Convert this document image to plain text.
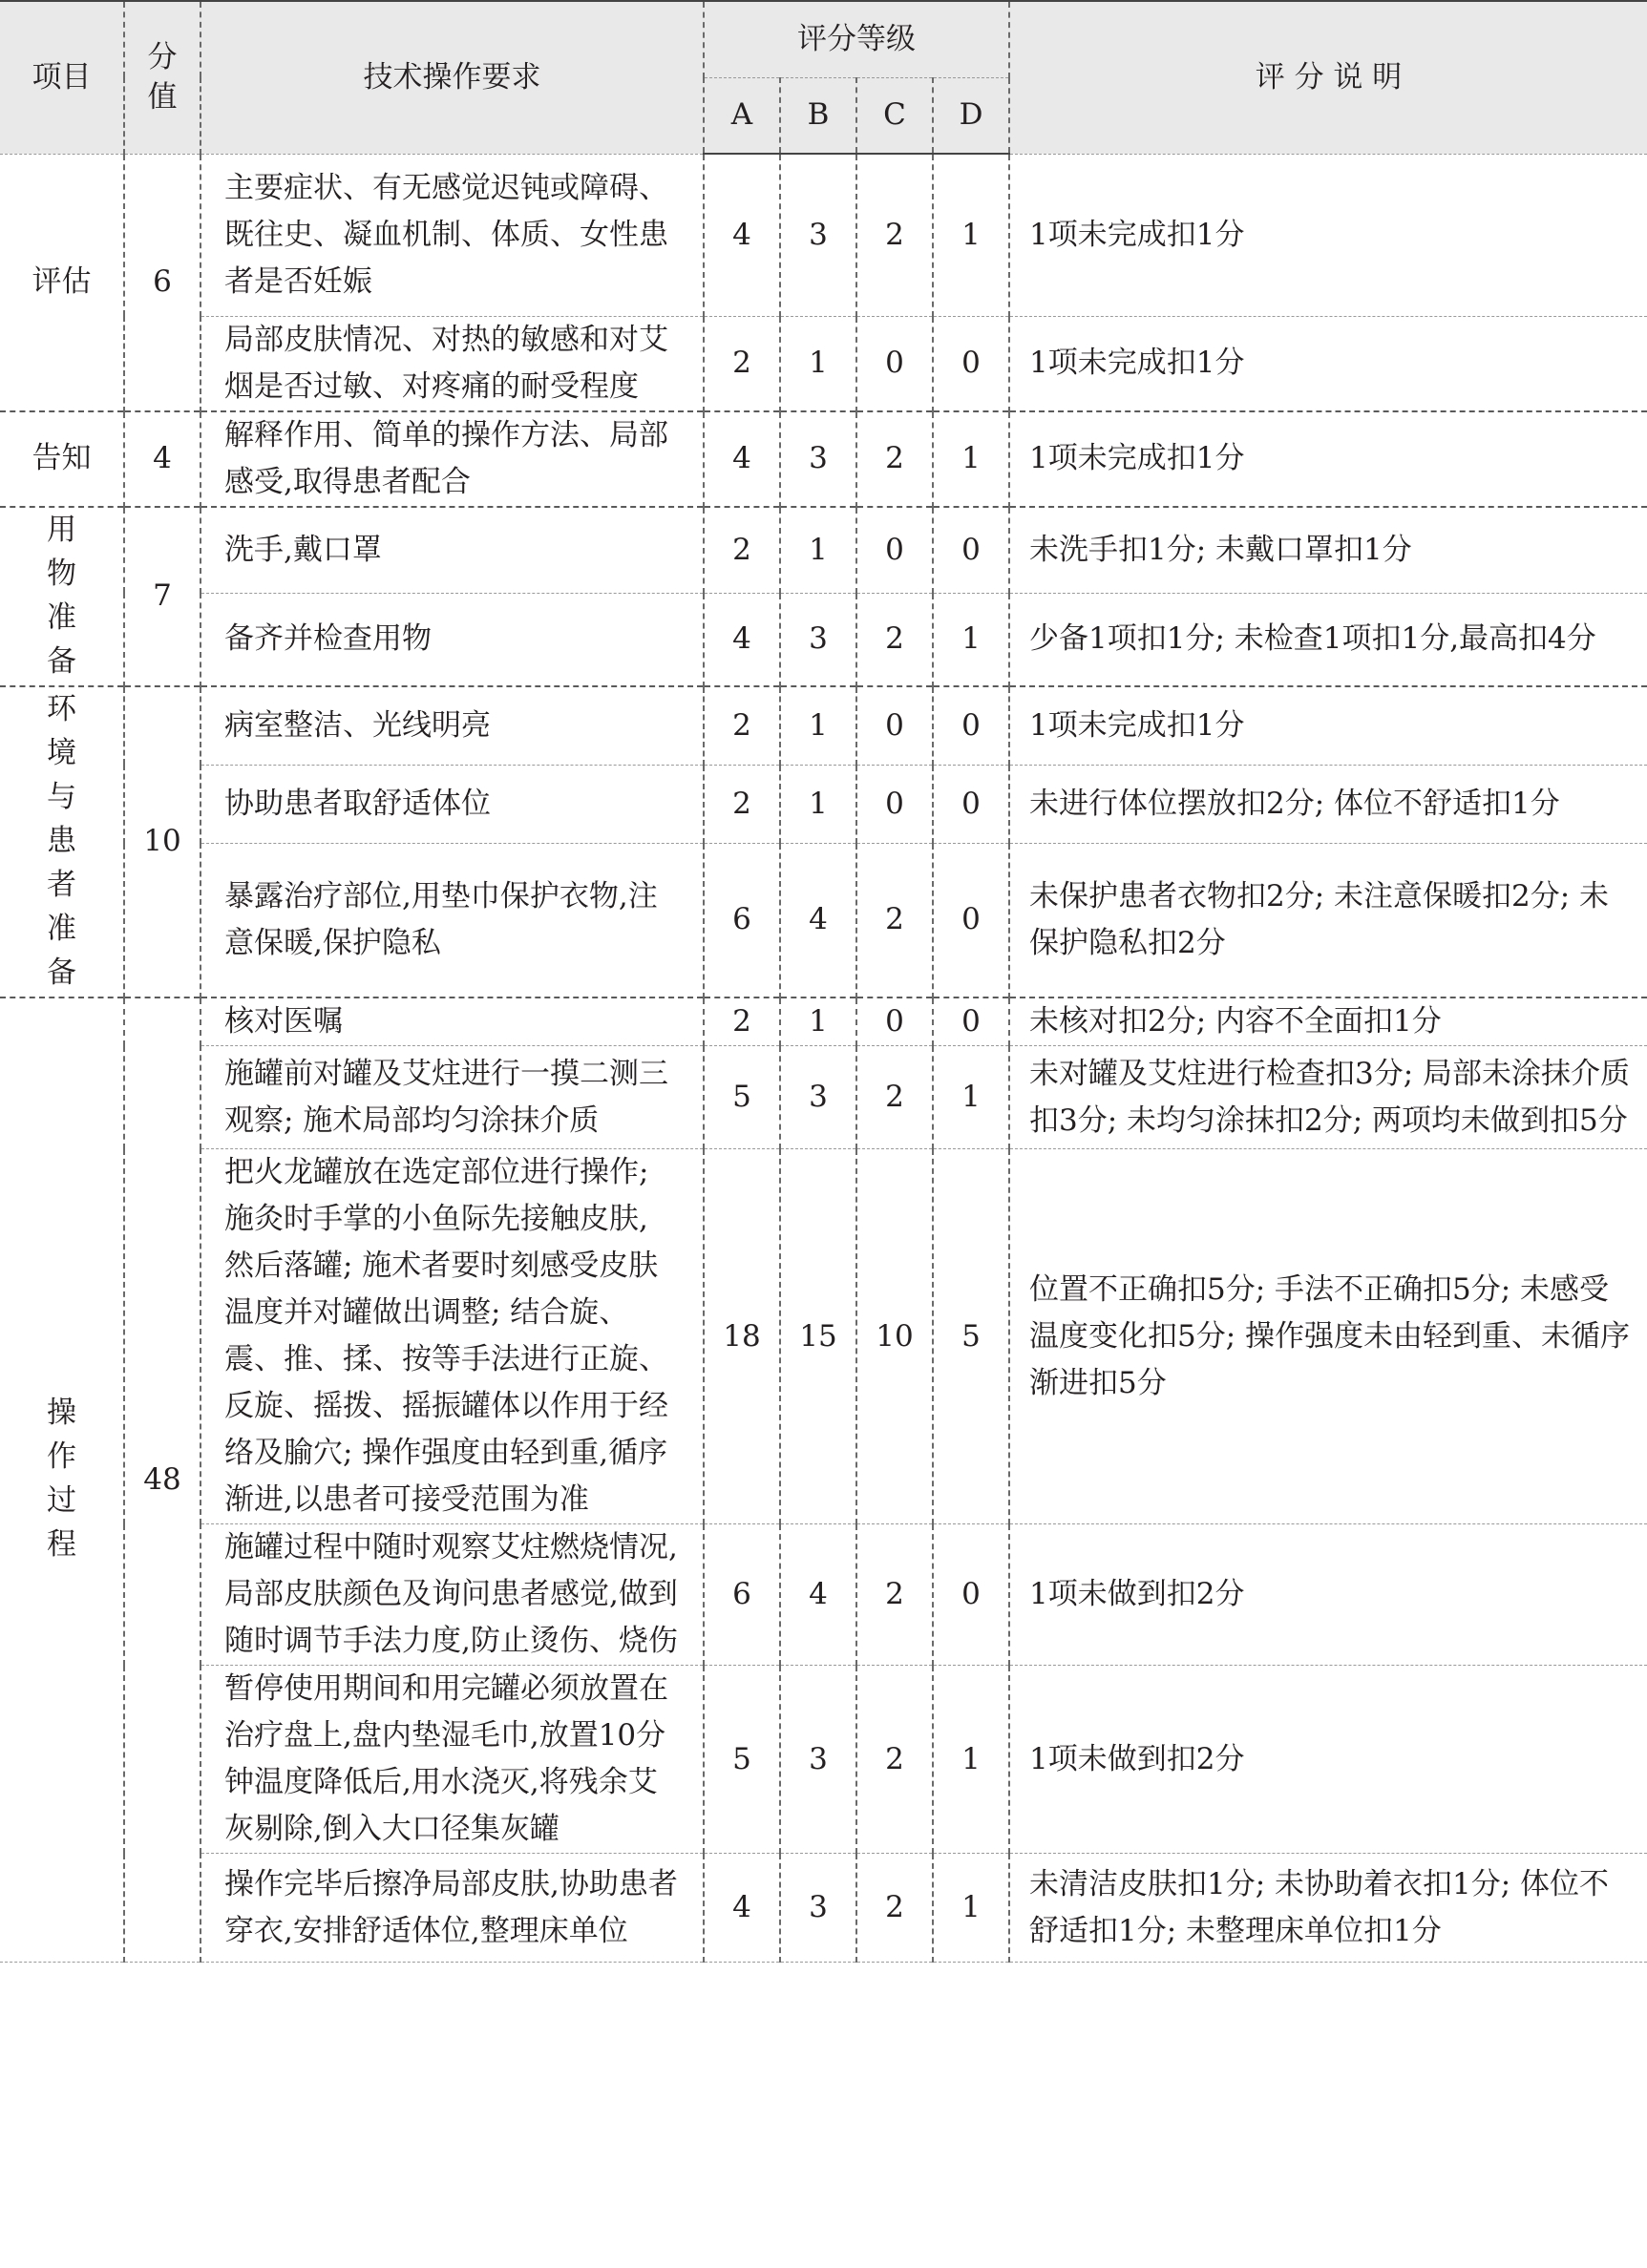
项目	分值	技术操作要求	评分等级				评 分 说 明
			A	B	C	D	
评估	6	主要症状、有无感觉迟钝或障碍、既往史、凝血机制、体质、女性患者是否妊娠	4	3	2	1	1项未完成扣1分
		局部皮肤情况、对热的敏感和对艾烟是否过敏、对疼痛的耐受程度	2	1	0	0	1项未完成扣1分
告知	4	解释作用、简单的操作方法、局部感受,取得患者配合	4	3	2	1	1项未完成扣1分
用物准备	7	洗手,戴口罩	2	1	0	0	未洗手扣1分; 未戴口罩扣1分
		备齐并检查用物	4	3	2	1	少备1项扣1分; 未检查1项扣1分,最高扣4分
环境与患者准备	10	病室整洁、光线明亮	2	1	0	0	1项未完成扣1分
		协助患者取舒适体位	2	1	0	0	未进行体位摆放扣2分; 体位不舒适扣1分
		暴露治疗部位,用垫巾保护衣物,注意保暖,保护隐私	6	4	2	0	未保护患者衣物扣2分; 未注意保暖扣2分; 未保护隐私扣2分
操作过程	48	核对医嘱	2	1	0	0	未核对扣2分; 内容不全面扣1分
		施罐前对罐及艾炷进行一摸二测三观察; 施术局部均匀涂抹介质	5	3	2	1	未对罐及艾炷进行检查扣3分; 局部未涂抹介质扣3分; 未均匀涂抹扣2分; 两项均未做到扣5分
		把火龙罐放在选定部位进行操作; 施灸时手掌的小鱼际先接触皮肤, 然后落罐; 施术者要时刻感受皮肤温度并对罐做出调整; 结合旋、震、推、揉、按等手法进行正旋、反旋、摇拨、摇振罐体以作用于经络及腧穴; 操作强度由轻到重,循序渐进,以患者可接受范围为准	18	15	10	5	位置不正确扣5分; 手法不正确扣5分; 未感受温度变化扣5分; 操作强度未由轻到重、未循序渐进扣5分
		施罐过程中随时观察艾炷燃烧情况,局部皮肤颜色及询问患者感觉,做到随时调节手法力度,防止烫伤、烧伤	6	4	2	0	1项未做到扣2分
		暂停使用期间和用完罐必须放置在治疗盘上,盘内垫湿毛巾,放置10分钟温度降低后,用水浇灭,将残余艾灰剔除,倒入大口径集灰罐	5	3	2	1	1项未做到扣2分
		操作完毕后擦净局部皮肤,协助患者穿衣,安排舒适体位,整理床单位	4	3	2	1	未清洁皮肤扣1分; 未协助着衣扣1分; 体位不舒适扣1分; 未整理床单位扣1分
